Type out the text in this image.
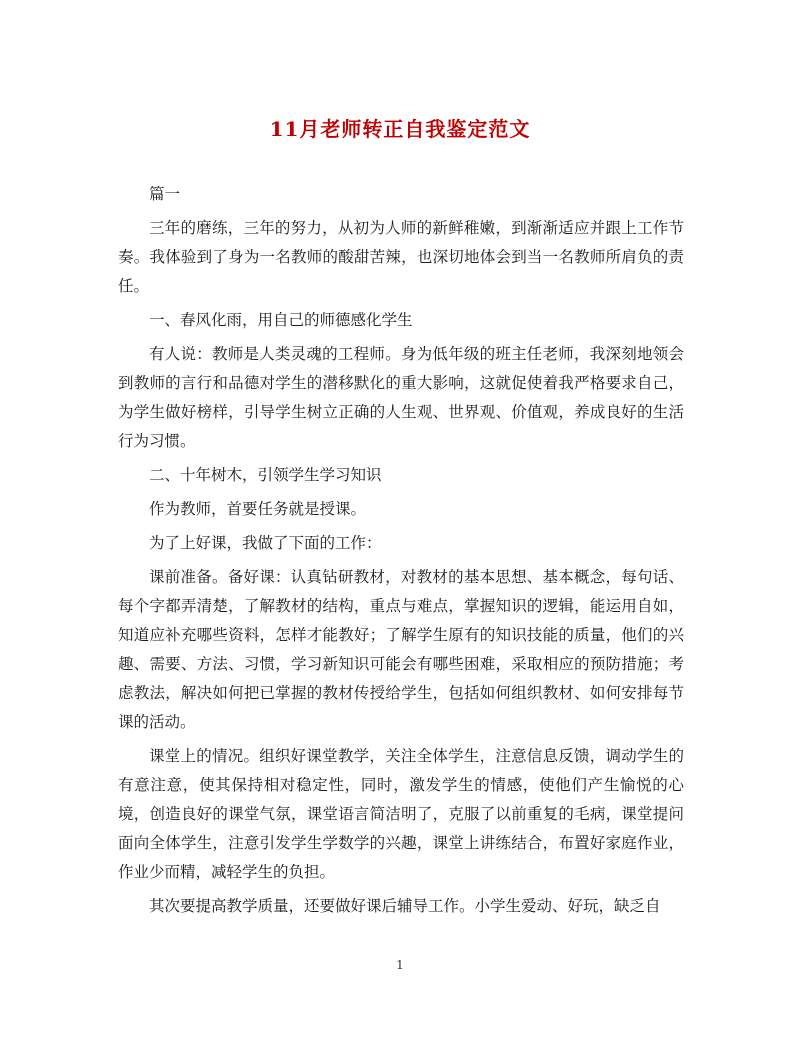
11月老师转正自我鉴定范文

篇一

三年的磨练，三年的努力，从初为人师的新鲜稚嫩，到渐渐适应并跟上工作节奏。我体验到了身为一名教师的酸甜苦辣，也深切地体会到当一名教师所肩负的责任。

一、春风化雨，用自己的师德感化学生

有人说：教师是人类灵魂的工程师。身为低年级的班主任老师，我深刻地领会到教师的言行和品德对学生的潜移默化的重大影响，这就促使着我严格要求自己，为学生做好榜样，引导学生树立正确的人生观、世界观、价值观，养成良好的生活行为习惯。

二、十年树木，引领学生学习知识

作为教师，首要任务就是授课。

为了上好课，我做了下面的工作：

课前准备。备好课：认真钻研教材，对教材的基本思想、基本概念，每句话、每个字都弄清楚，了解教材的结构，重点与难点，掌握知识的逻辑，能运用自如，知道应补充哪些资料，怎样才能教好；了解学生原有的知识技能的质量，他们的兴趣、需要、方法、习惯，学习新知识可能会有哪些困难，采取相应的预防措施；考虑教法，解决如何把已掌握的教材传授给学生，包括如何组织教材、如何安排每节课的活动。

课堂上的情况。组织好课堂教学，关注全体学生，注意信息反馈，调动学生的有意注意，使其保持相对稳定性，同时，激发学生的情感，使他们产生愉悦的心境，创造良好的课堂气氛，课堂语言简洁明了，克服了以前重复的毛病，课堂提问面向全体学生，注意引发学生学数学的兴趣，课堂上讲练结合，布置好家庭作业，作业少而精，减轻学生的负担。

其次要提高教学质量，还要做好课后辅导工作。小学生爱动、好玩，缺乏自

1
